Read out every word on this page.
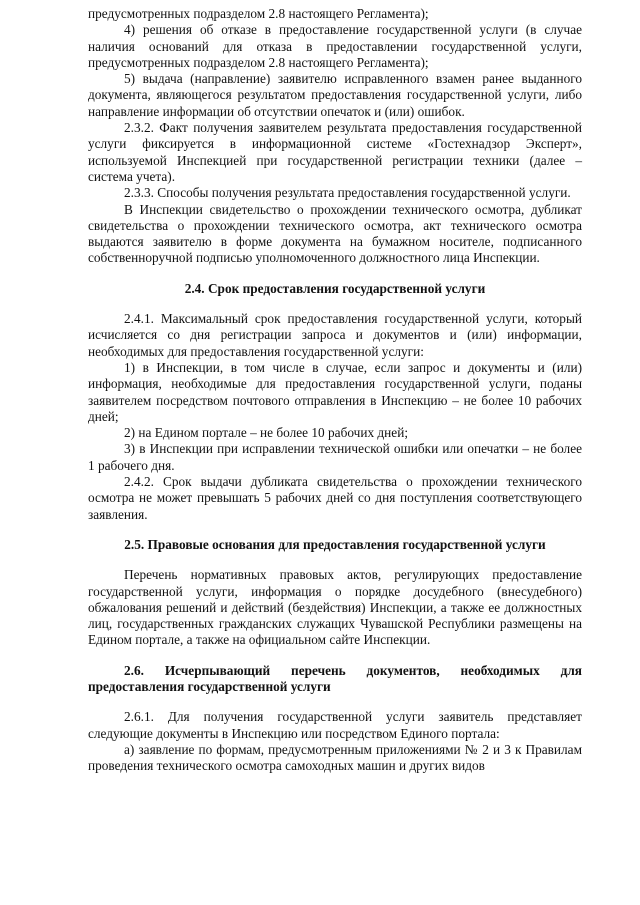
предусмотренных подразделом 2.8 настоящего Регламента);

4) решения об отказе в предоставление государственной услуги (в случае наличия оснований для отказа в предоставлении государственной услуги, предусмотренных подразделом 2.8 настоящего Регламента);

5) выдача (направление) заявителю исправленного взамен ранее выданного документа, являющегося результатом предоставления государственной услуги, либо направление информации об отсутствии опечаток и (или) ошибок.

2.3.2. Факт получения заявителем результата предоставления государственной услуги фиксируется в информационной системе «Гостехнадзор Эксперт», используемой Инспекцией при государственной регистрации техники (далее – система учета).

2.3.3. Способы получения результата предоставления государственной услуги.

В Инспекции свидетельство о прохождении технического осмотра, дубликат свидетельства о прохождении технического осмотра, акт технического осмотра выдаются заявителю в форме документа на бумажном носителе, подписанного собственноручной подписью уполномоченного должностного лица Инспекции.

2.4. Срок предоставления государственной услуги

2.4.1. Максимальный срок предоставления государственной услуги, который исчисляется со дня регистрации запроса и документов и (или) информации, необходимых для предоставления государственной услуги:

1) в Инспекции, в том числе в случае, если запрос и документы и (или) информация, необходимые для предоставления государственной услуги, поданы заявителем посредством почтового отправления в Инспекцию – не более 10 рабочих дней;

2) на Едином портале – не более 10 рабочих дней;

3) в Инспекции при исправлении технической ошибки или опечатки – не более 1 рабочего дня.

2.4.2. Срок выдачи дубликата свидетельства о прохождении технического осмотра не может превышать 5 рабочих дней со дня поступления соответствующего заявления.

2.5. Правовые основания для предоставления государственной услуги

Перечень нормативных правовых актов, регулирующих предоставление государственной услуги, информация о порядке досудебного (внесудебного) обжалования решений и действий (бездействия) Инспекции, а также ее должностных лиц, государственных гражданских служащих Чувашской Республики размещены на Едином портале, а также на официальном сайте Инспекции.

2.6. Исчерпывающий перечень документов, необходимых для предоставления государственной услуги

2.6.1. Для получения государственной услуги заявитель представляет следующие документы в Инспекцию или посредством Единого портала:

а) заявление по формам, предусмотренным приложениями № 2 и 3 к Правилам проведения технического осмотра самоходных машин и других видов
